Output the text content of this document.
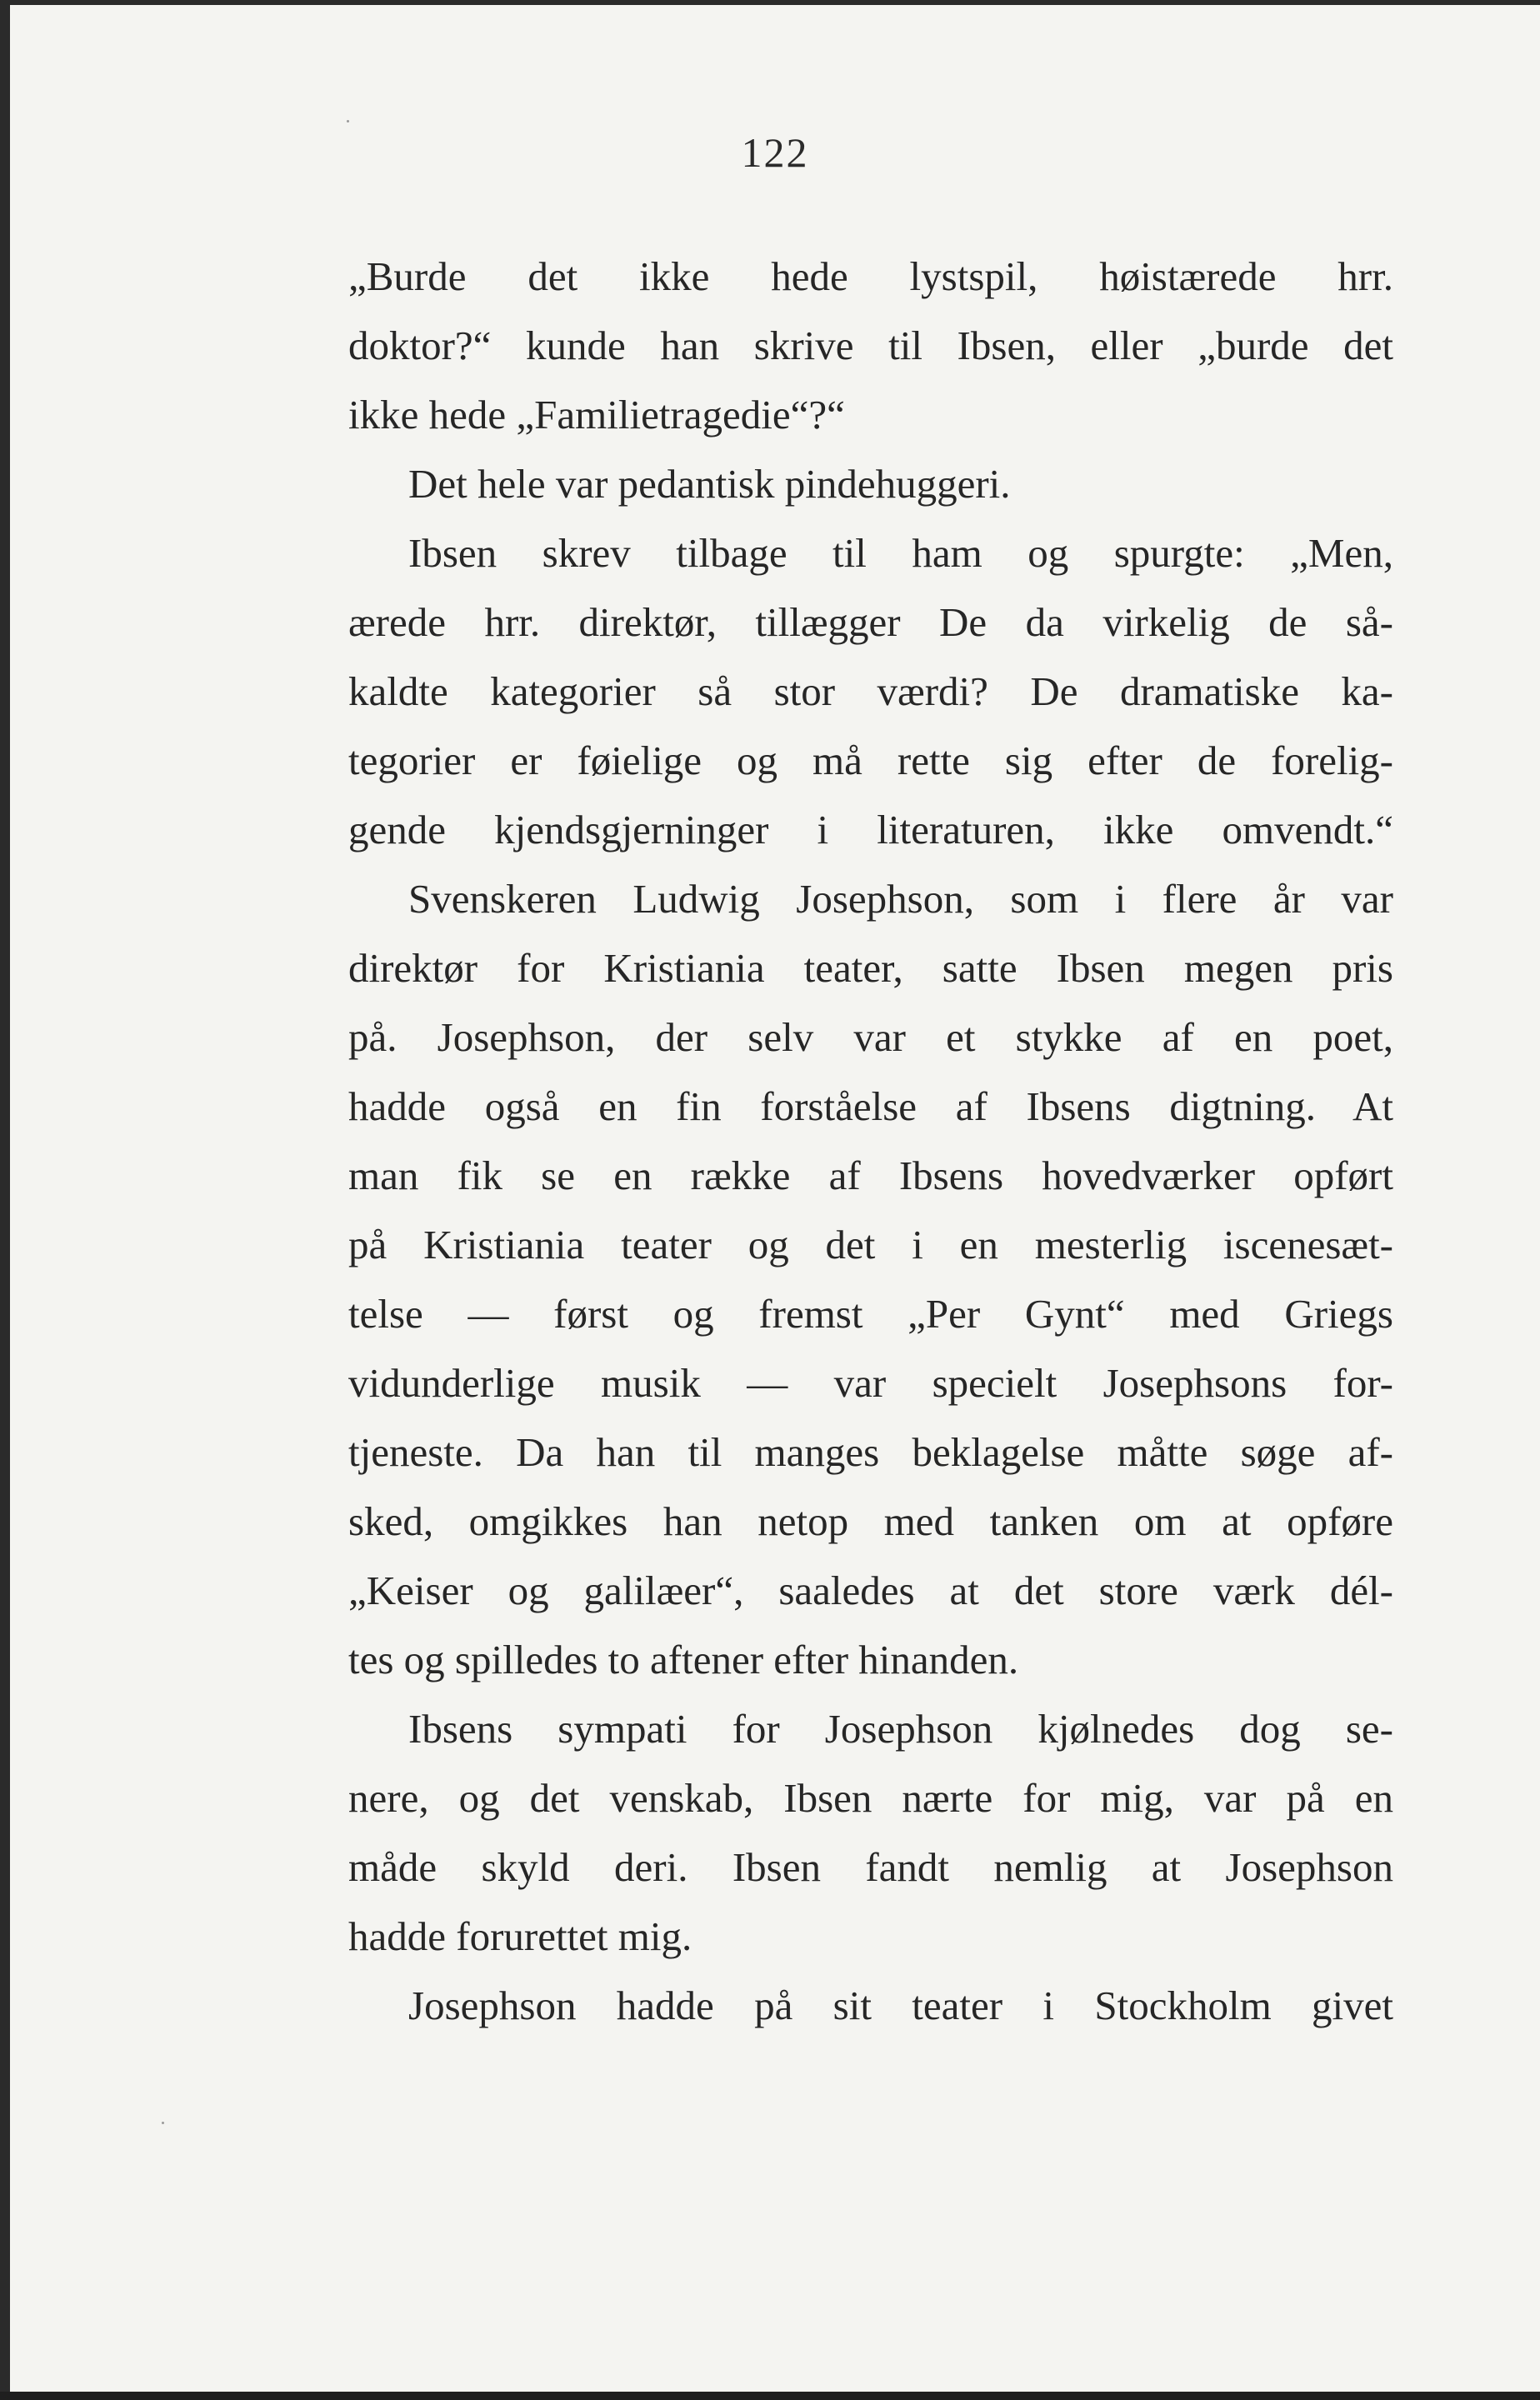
122
„Burde det ikke hede lystspil, høistærede hrr.
doktor?“ kunde han skrive til Ibsen, eller „burde det
ikke hede „Familietragedie“?“
Det hele var pedantisk pindehuggeri.
Ibsen skrev tilbage til ham og spurgte: „Men,
ærede hrr. direktør, tillægger De da virkelig de så-
kaldte kategorier så stor værdi? De dramatiske ka-
tegorier er føielige og må rette sig efter de forelig-
gende kjendsgjerninger i literaturen, ikke omvendt.“
Svenskeren Ludwig Josephson, som i flere år var
direktør for Kristiania teater, satte Ibsen megen pris
på. Josephson, der selv var et stykke af en poet,
hadde også en fin forståelse af Ibsens digtning. At
man fik se en række af Ibsens hovedværker opført
på Kristiania teater og det i en mesterlig iscenesæt-
telse — først og fremst „Per Gynt“ med Griegs
vidunderlige musik — var specielt Josephsons for-
tjeneste. Da han til manges beklagelse måtte søge af-
sked, omgikkes han netop med tanken om at opføre
„Keiser og galilæer“, saaledes at det store værk dél-
tes og spilledes to aftener efter hinanden.
Ibsens sympati for Josephson kjølnedes dog se-
nere, og det venskab, Ibsen nærte for mig, var på en
måde skyld deri. Ibsen fandt nemlig at Josephson
hadde forurettet mig.
Josephson hadde på sit teater i Stockholm givet
